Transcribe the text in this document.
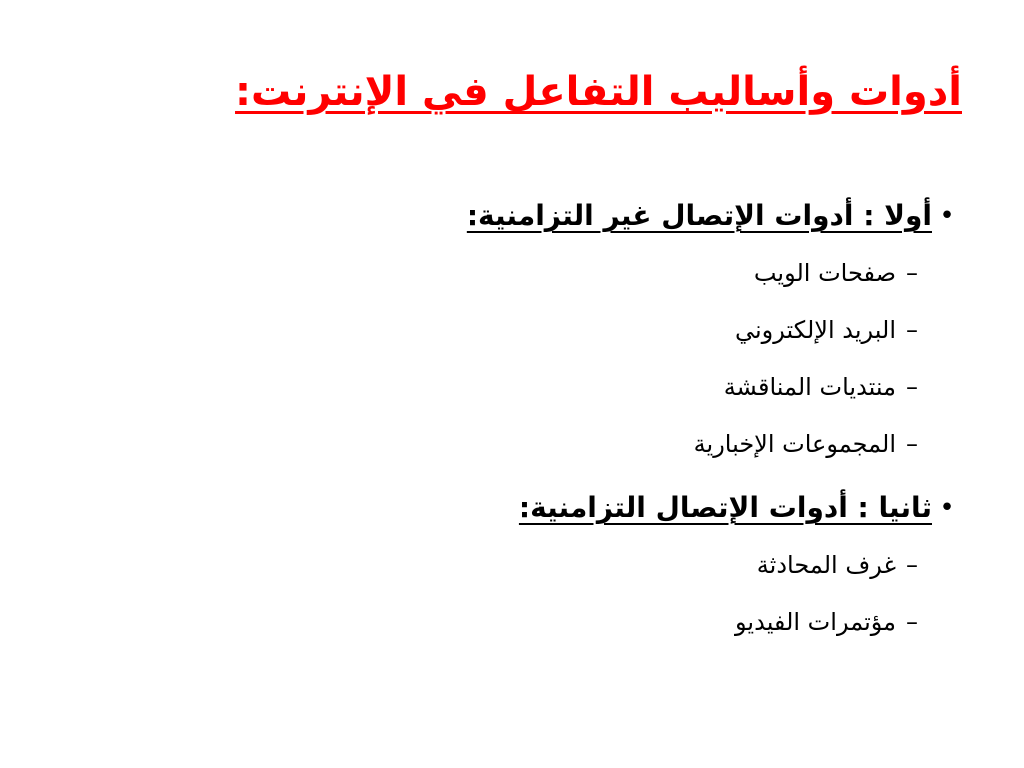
أدوات وأساليب التفاعل في الإنترنت:
•
أولا : أدوات الإتصال غير التزامنية:
–
صفحات الويب
–
البريد الإلكتروني
–
منتديات المناقشة
–
المجموعات الإخبارية
•
ثانيا : أدوات الإتصال التزامنية:
–
غرف المحادثة
–
مؤتمرات الفيديو
